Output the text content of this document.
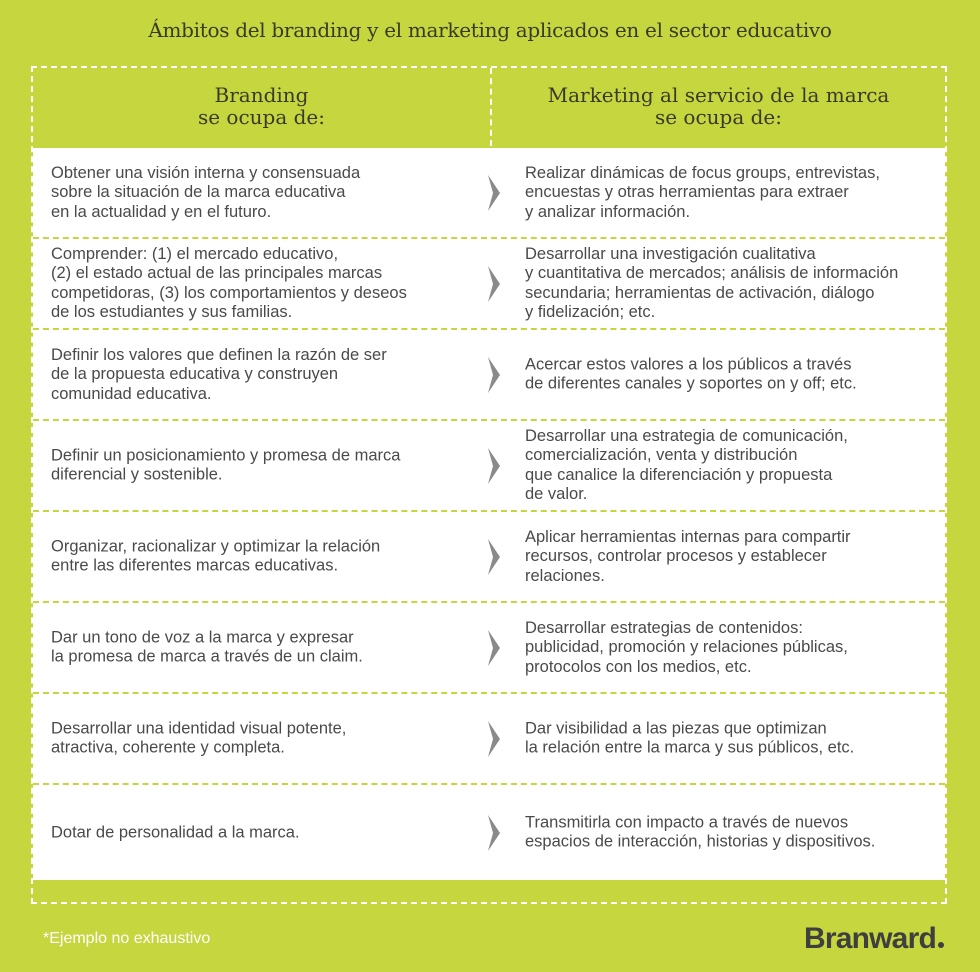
Ámbitos del branding y el marketing aplicados en el sector educativo
Branding
se ocupa de:
Marketing al servicio de la marca
se ocupa de:
Obtener una visión interna y consensuada
sobre la situación de la marca educativa
en la actualidad y en el futuro.
Realizar dinámicas de focus groups, entrevistas,
encuestas y otras herramientas para extraer
y analizar información.
Comprender: (1) el mercado educativo,
(2) el estado actual de las principales marcas
competidoras, (3) los comportamientos y deseos
de los estudiantes y sus familias.
Desarrollar una investigación cualitativa
y cuantitativa de mercados; análisis de información
secundaria; herramientas de activación, diálogo
y fidelización; etc.
Definir los valores que definen la razón de ser
de la propuesta educativa y construyen
comunidad educativa.
Acercar estos valores a los públicos a través
de diferentes canales y soportes on y off; etc.
Definir un posicionamiento y promesa de marca
diferencial y sostenible.
Desarrollar una estrategia de comunicación,
comercialización, venta y distribución
que canalice la diferenciación y propuesta
de valor.
Organizar, racionalizar y optimizar la relación
entre las diferentes marcas educativas.
Aplicar herramientas internas para compartir
recursos, controlar procesos y establecer
relaciones.
Dar un tono de voz a la marca y expresar
la promesa de marca a través de un claim.
Desarrollar estrategias de contenidos:
publicidad, promoción y relaciones públicas,
protocolos con los medios, etc.
Desarrollar una identidad visual potente,
atractiva, coherente y completa.
Dar visibilidad a las piezas que optimizan
la relación entre la marca y sus públicos, etc.
Dotar de personalidad a la marca.
Transmitirla con impacto a través de nuevos
espacios de interacción, historias y dispositivos.
*Ejemplo no exhaustivo	Branward
